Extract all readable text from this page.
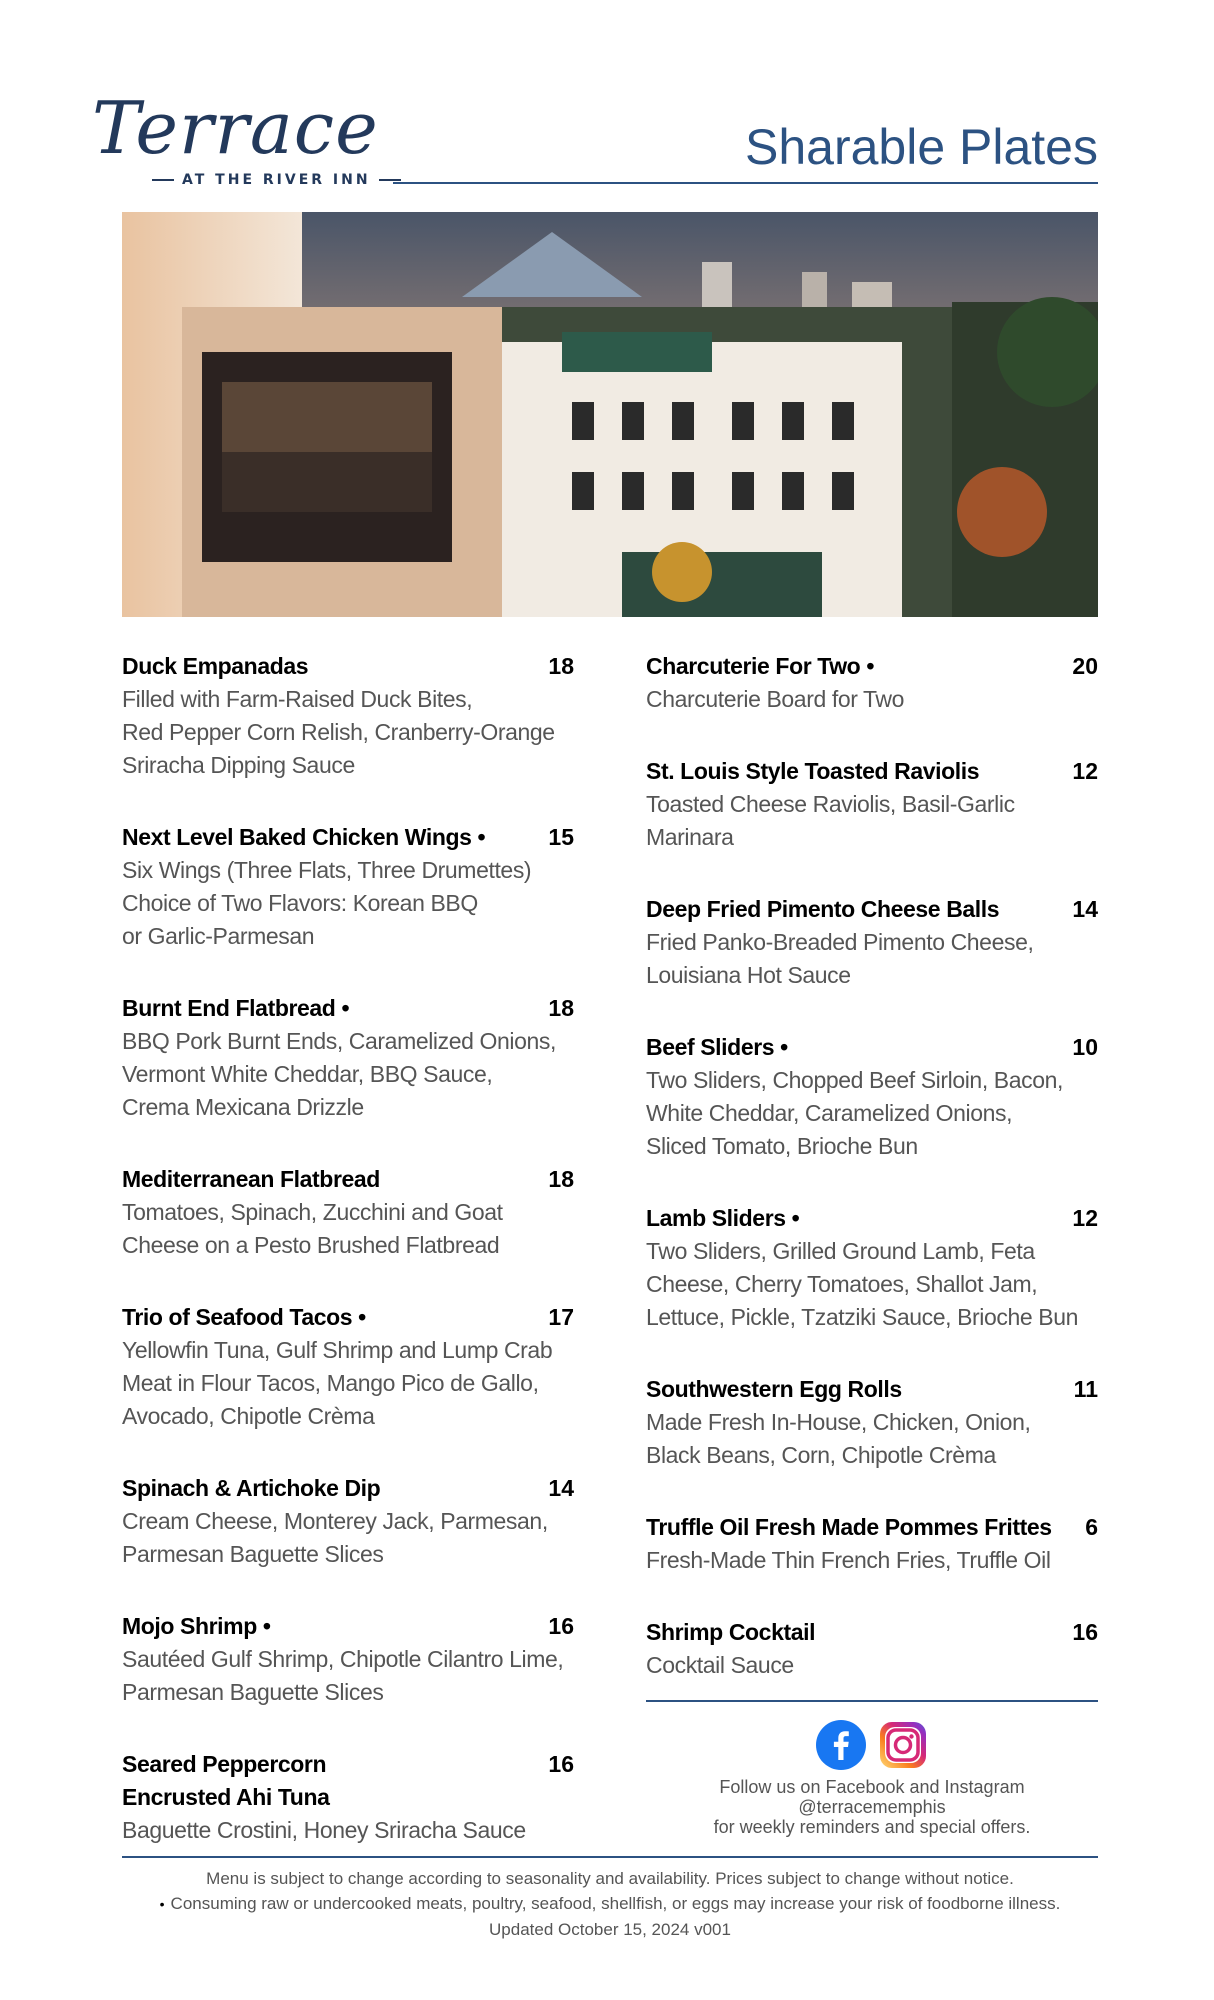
Terrace
AT THE RIVER INN
Sharable Plates
Duck Empanadas	18
Filled with Farm-Raised Duck Bites,
Red Pepper Corn Relish, Cranberry-Orange
Sriracha Dipping Sauce
Next Level Baked Chicken Wings •	15
Six Wings (Three Flats, Three Drumettes)
Choice of Two Flavors: Korean BBQ
or Garlic-Parmesan
Burnt End Flatbread •	18
BBQ Pork Burnt Ends, Caramelized Onions,
Vermont White Cheddar, BBQ Sauce,
Crema Mexicana Drizzle
Mediterranean Flatbread	18
Tomatoes, Spinach, Zucchini and Goat
Cheese on a Pesto Brushed Flatbread
Trio of Seafood Tacos •	17
Yellowfin Tuna, Gulf Shrimp and Lump Crab
Meat in Flour Tacos, Mango Pico de Gallo,
Avocado, Chipotle Crèma
Spinach & Artichoke Dip	14
Cream Cheese, Monterey Jack, Parmesan,
Parmesan Baguette Slices
Mojo Shrimp •	16
Sautéed Gulf Shrimp, Chipotle Cilantro Lime,
Parmesan Baguette Slices
Seared Peppercorn Encrusted Ahi Tuna
16
Baguette Crostini, Honey Sriracha Sauce
Charcuterie For Two •	20
Charcuterie Board for Two
St. Louis Style Toasted Raviolis	12
Toasted Cheese Raviolis, Basil-Garlic
Marinara
Deep Fried Pimento Cheese Balls	14
Fried Panko-Breaded Pimento Cheese,
Louisiana Hot Sauce
Beef Sliders •	10
Two Sliders, Chopped Beef Sirloin, Bacon,
White Cheddar, Caramelized Onions,
Sliced Tomato, Brioche Bun
Lamb Sliders •	12
Two Sliders, Grilled Ground Lamb, Feta
Cheese, Cherry Tomatoes, Shallot Jam,
Lettuce, Pickle, Tzatziki Sauce, Brioche Bun
Southwestern Egg Rolls	11
Made Fresh In-House, Chicken, Onion,
Black Beans, Corn, Chipotle Crèma
Truffle Oil Fresh Made Pommes Frittes 6
Fresh-Made Thin French Fries, Truffle Oil
Shrimp Cocktail	16
Cocktail Sauce
Follow us on Facebook and Instagram
@terracememphis
for weekly reminders and special offers.
Menu is subject to change according to seasonality and availability. Prices subject to change without notice.
• Consuming raw or undercooked meats, poultry, seafood, shellfish, or eggs may increase your risk of foodborne illness.
Updated October 15, 2024 v001
